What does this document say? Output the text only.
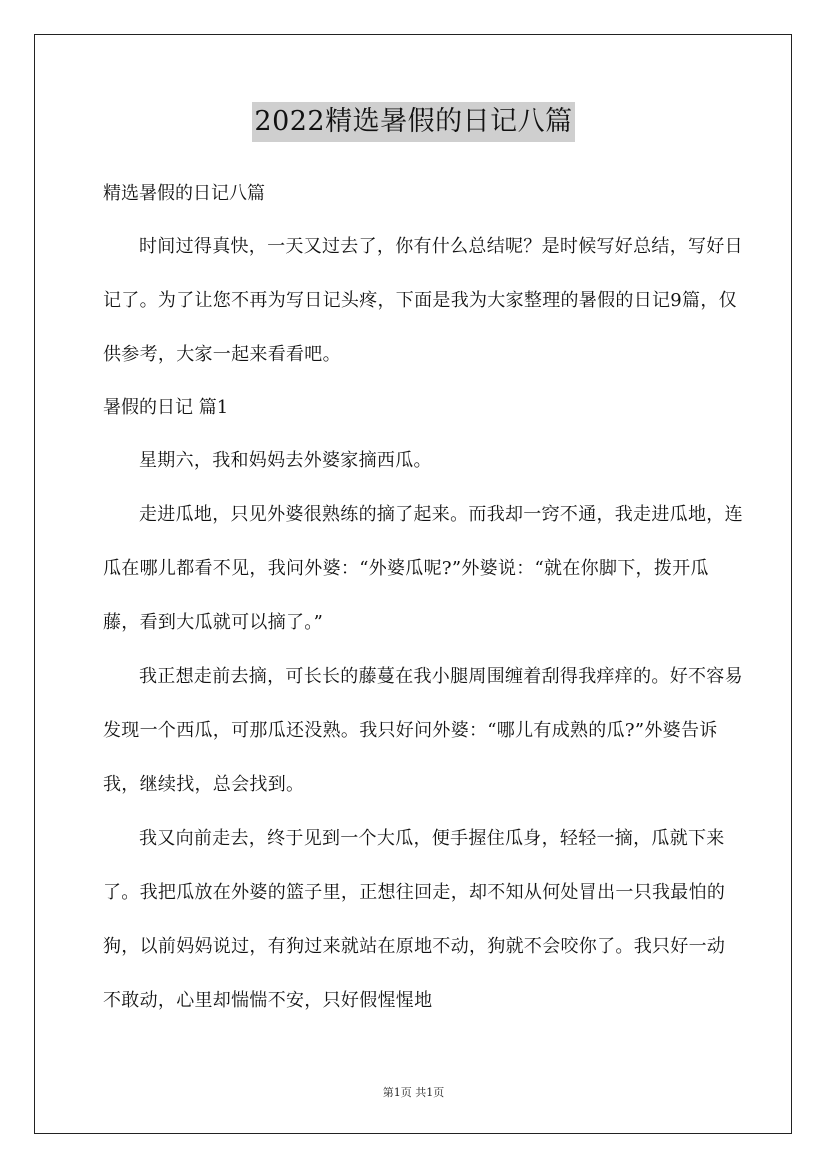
2022精选暑假的日记八篇

精选暑假的日记八篇

时间过得真快，一天又过去了，你有什么总结呢？是时候写好总结，写好日记了。为了让您不再为写日记头疼，下面是我为大家整理的暑假的日记9篇，仅供参考，大家一起来看看吧。

暑假的日记 篇1

星期六，我和妈妈去外婆家摘西瓜。

走进瓜地，只见外婆很熟练的摘了起来。而我却一窍不通，我走进瓜地，连瓜在哪儿都看不见，我问外婆：“外婆瓜呢?”外婆说：“就在你脚下，拨开瓜藤，看到大瓜就可以摘了。”

我正想走前去摘，可长长的藤蔓在我小腿周围缠着刮得我痒痒的。好不容易发现一个西瓜，可那瓜还没熟。我只好问外婆：“哪儿有成熟的瓜?”外婆告诉我，继续找，总会找到。

我又向前走去，终于见到一个大瓜，便手握住瓜身，轻轻一摘，瓜就下来了。我把瓜放在外婆的篮子里，正想往回走，却不知从何处冒出一只我最怕的狗，以前妈妈说过，有狗过来就站在原地不动，狗就不会咬你了。我只好一动不敢动，心里却惴惴不安，只好假惺惺地

第1页 共1页
